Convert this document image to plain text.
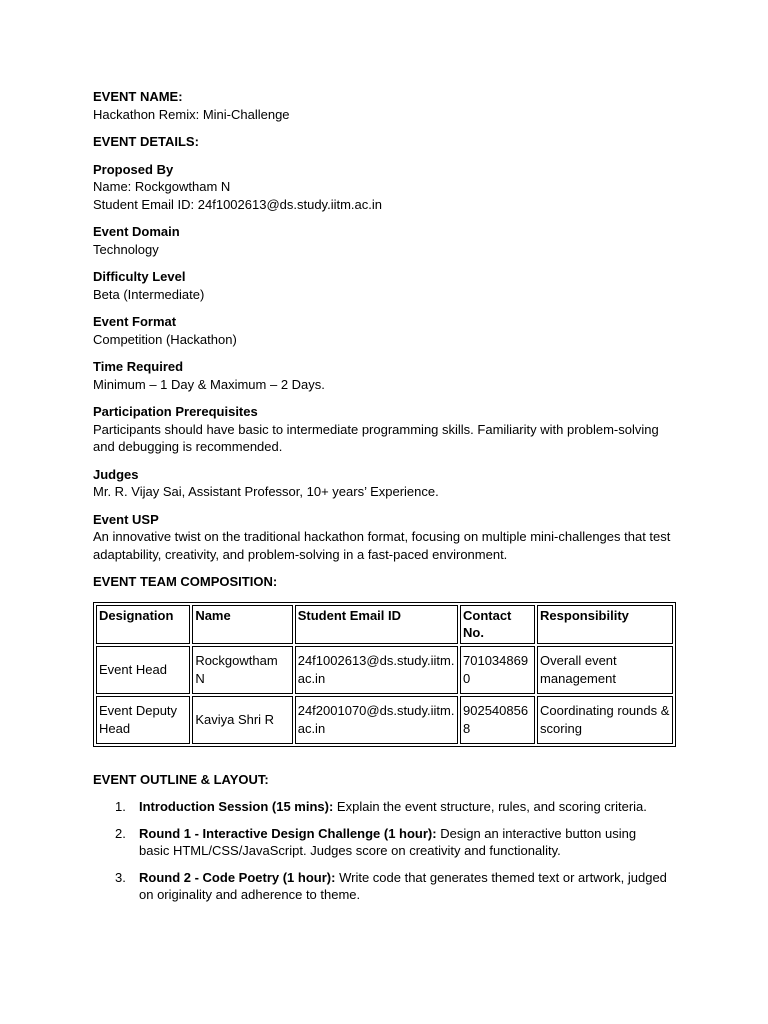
EVENT NAME:
Hackathon Remix: Mini-Challenge
EVENT DETAILS:
Proposed By
Name: Rockgowtham N
Student Email ID: 24f1002613@ds.study.iitm.ac.in
Event Domain
Technology
Difficulty Level
Beta (Intermediate)
Event Format
Competition (Hackathon)
Time Required
Minimum – 1 Day & Maximum – 2 Days.
Participation Prerequisites
Participants should have basic to intermediate programming skills. Familiarity with problem-solving and debugging is recommended.
Judges
Mr. R. Vijay Sai, Assistant Professor, 10+ years’ Experience.
Event USP
An innovative twist on the traditional hackathon format, focusing on multiple mini-challenges that test adaptability, creativity, and problem-solving in a fast-paced environment.
EVENT TEAM COMPOSITION:
Designation	Name	Student Email ID	Contact No.	Responsibility
Event Head	Rockgowtham N	24f1002613@ds.study.iitm.ac.in	7010348690	Overall event management
Event Deputy Head	Kaviya Shri R	24f2001070@ds.study.iitm.ac.in	9025408568	Coordinating rounds & scoring
EVENT OUTLINE & LAYOUT:
1. Introduction Session (15 mins): Explain the event structure, rules, and scoring criteria.
2. Round 1 - Interactive Design Challenge (1 hour): Design an interactive button using basic HTML/CSS/JavaScript. Judges score on creativity and functionality.
3. Round 2 - Code Poetry (1 hour): Write code that generates themed text or artwork, judged on originality and adherence to theme.
